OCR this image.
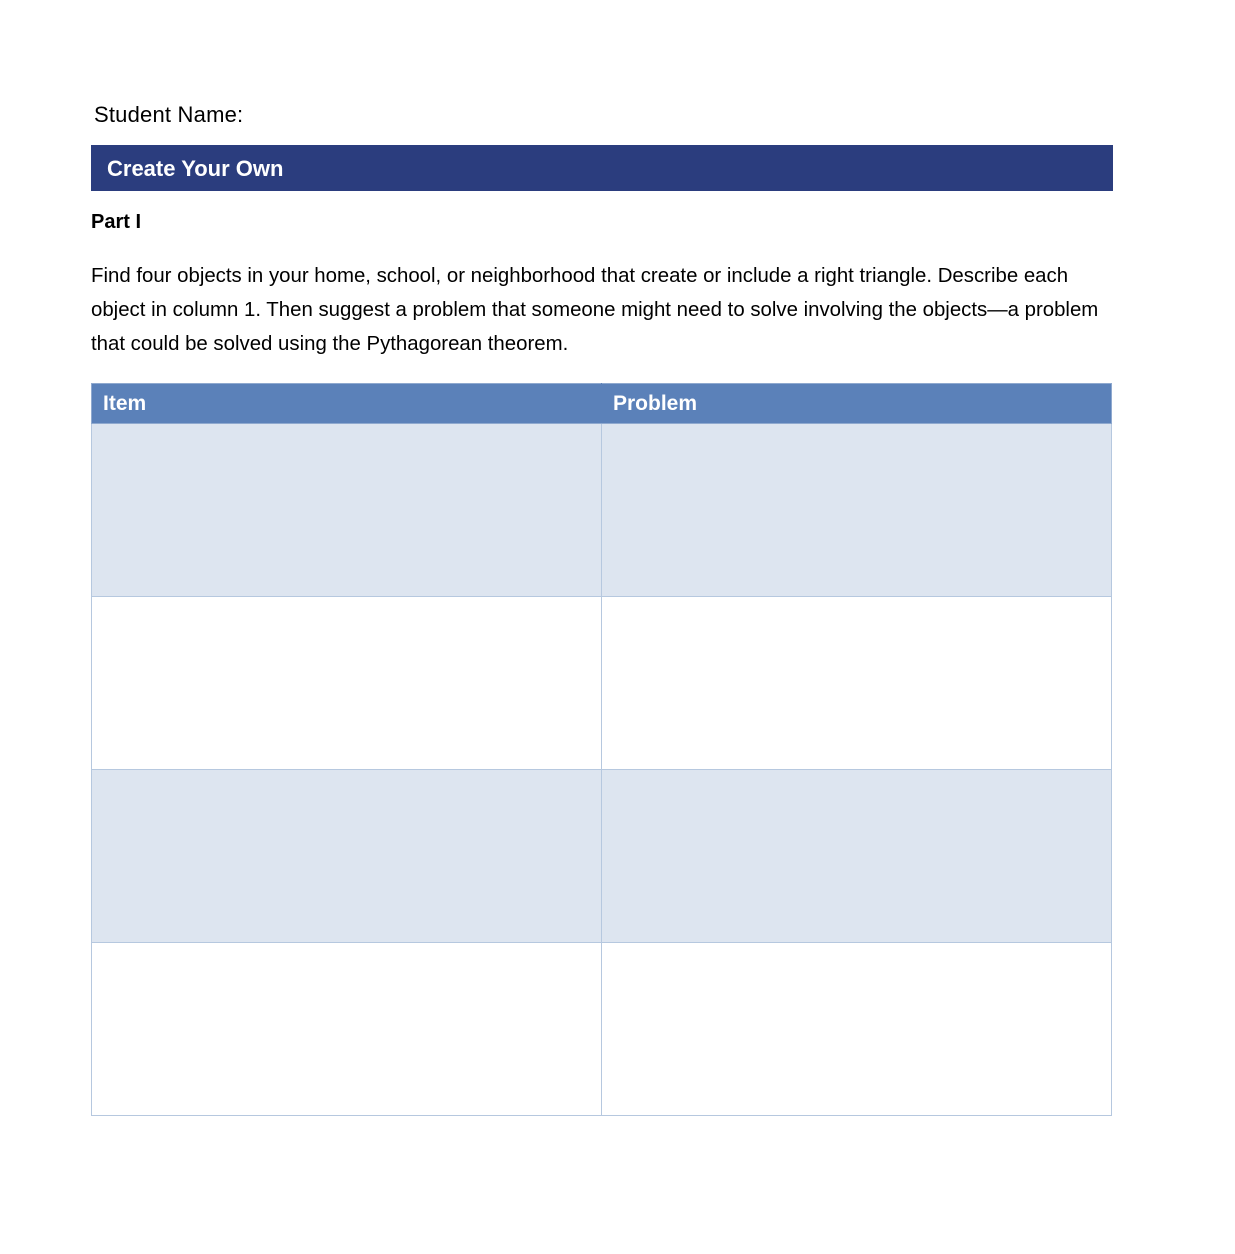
Student Name:
Create Your Own
Part I

Find four objects in your home, school, or neighborhood that create or include a right triangle. Describe each object in column 1. Then suggest a problem that someone might need to solve involving the objects—a problem that could be solved using the Pythagorean theorem.

Item	Problem
